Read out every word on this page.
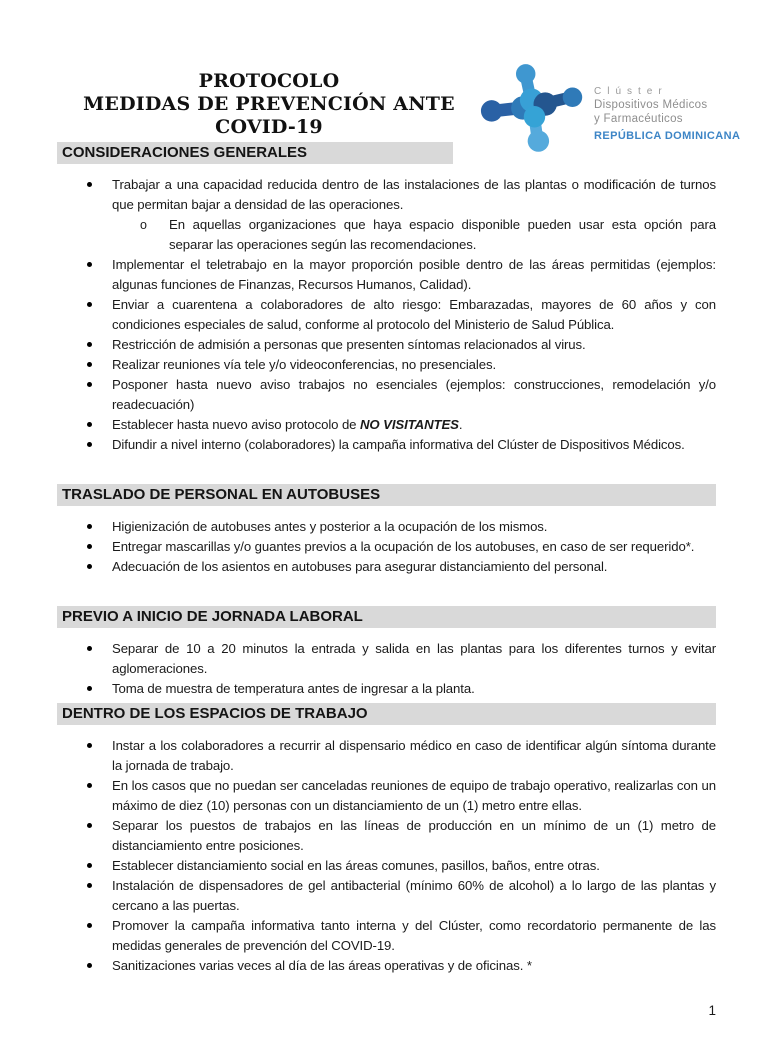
PROTOCOLO
MEDIDAS DE PREVENCIÓN ANTE COVID-19
Clúster
Dispositivos Médicos
y Farmacéuticos
REPÚBLICA DOMINICANA
CONSIDERACIONES GENERALES
Trabajar a una capacidad reducida dentro de las instalaciones de las plantas o modificación de turnos que permitan bajar a densidad de las operaciones.
o En aquellas organizaciones que haya espacio disponible pueden usar esta opción para separar las operaciones según las recomendaciones.
Implementar el teletrabajo en la mayor proporción posible dentro de las áreas permitidas (ejemplos: algunas funciones de Finanzas, Recursos Humanos, Calidad).
Enviar a cuarentena a colaboradores de alto riesgo: Embarazadas, mayores de 60 años y con condiciones especiales de salud, conforme al protocolo del Ministerio de Salud Pública.
Restricción de admisión a personas que presenten síntomas relacionados al virus.
Realizar reuniones vía tele y/o videoconferencias, no presenciales.
Posponer hasta nuevo aviso trabajos no esenciales (ejemplos: construcciones, remodelación y/o readecuación)
Establecer hasta nuevo aviso protocolo de NO VISITANTES.
Difundir a nivel interno (colaboradores) la campaña informativa del Clúster de Dispositivos Médicos.
TRASLADO DE PERSONAL EN AUTOBUSES
Higienización de autobuses antes y posterior a la ocupación de los mismos.
Entregar mascarillas y/o guantes previos a la ocupación de los autobuses, en caso de ser requerido*.
Adecuación de los asientos en autobuses para asegurar distanciamiento del personal.
PREVIO A INICIO DE JORNADA LABORAL
Separar de 10 a 20 minutos la entrada y salida en las plantas para los diferentes turnos y evitar aglomeraciones.
Toma de muestra de temperatura antes de ingresar a la planta.
DENTRO DE LOS ESPACIOS DE TRABAJO
Instar a los colaboradores a recurrir al dispensario médico en caso de identificar algún síntoma durante la jornada de trabajo.
En los casos que no puedan ser canceladas reuniones de equipo de trabajo operativo, realizarlas con un máximo de diez (10) personas con un distanciamiento de un (1) metro entre ellas.
Separar los puestos de trabajos en las líneas de producción en un mínimo de un (1) metro de distanciamiento entre posiciones.
Establecer distanciamiento social en las áreas comunes, pasillos, baños, entre otras.
Instalación de dispensadores de gel antibacterial (mínimo 60% de alcohol) a lo largo de las plantas y cercano a las puertas.
Promover la campaña informativa tanto interna y del Clúster, como recordatorio permanente de las medidas generales de prevención del COVID-19.
Sanitizaciones varias veces al día de las áreas operativas y de oficinas. *
1
